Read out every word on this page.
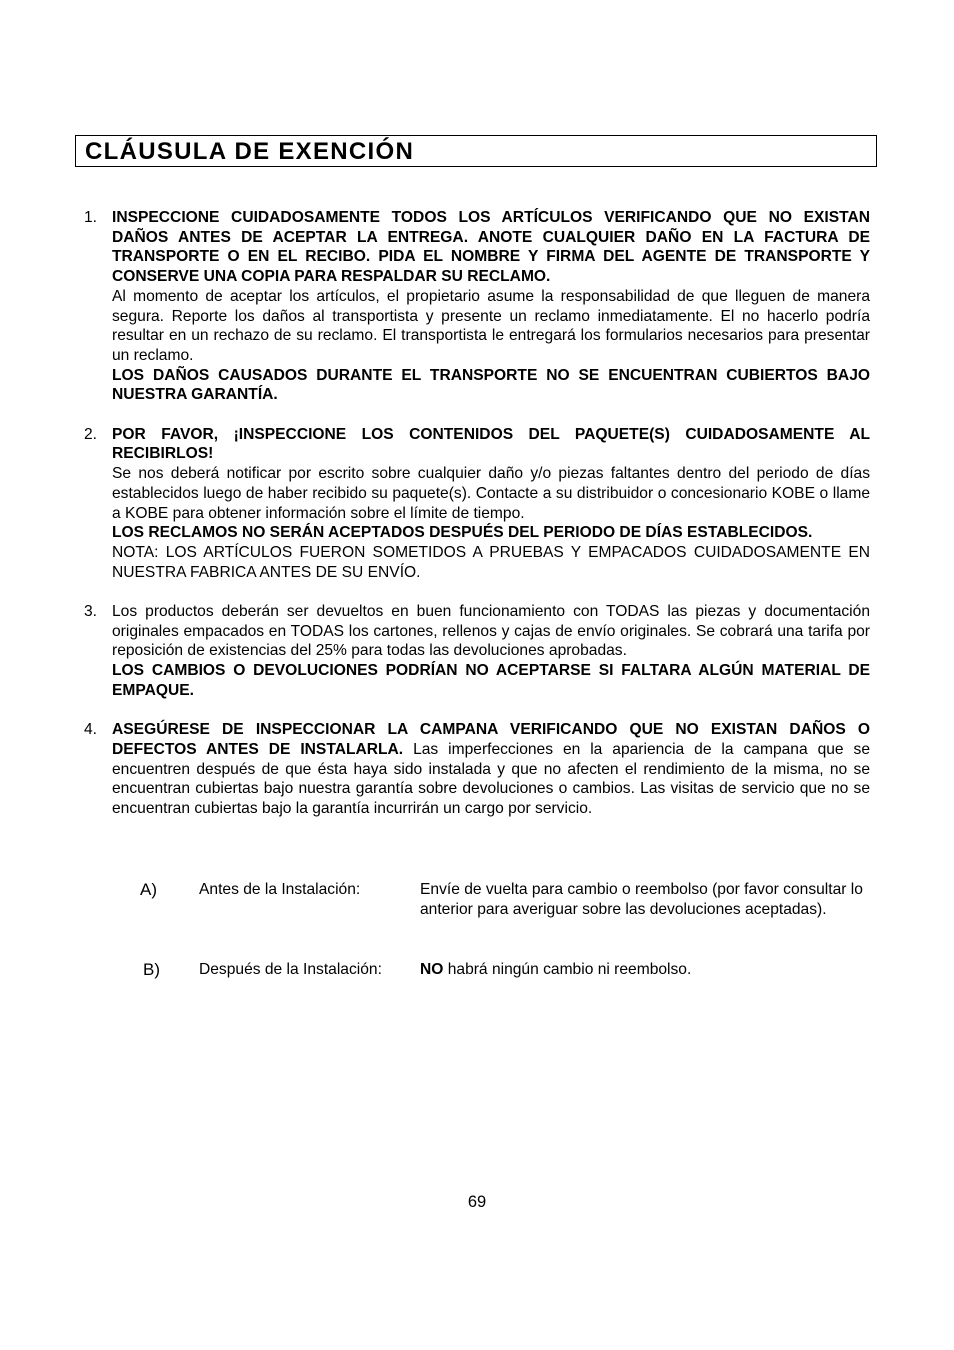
CLÁUSULA DE EXENCIÓN
1. INSPECCIONE CUIDADOSAMENTE TODOS LOS ARTÍCULOS VERIFICANDO QUE NO EXISTAN DAÑOS ANTES DE ACEPTAR LA ENTREGA. ANOTE CUALQUIER DAÑO EN LA FACTURA DE TRANSPORTE O EN EL RECIBO. PIDA EL NOMBRE Y FIRMA DEL AGENTE DE TRANSPORTE Y CONSERVE UNA COPIA PARA RESPALDAR SU RECLAMO.

Al momento de aceptar los artículos, el propietario asume la responsabilidad de que lleguen de manera segura. Reporte los daños al transportista y presente un reclamo inmediatamente. El no hacerlo podría resultar en un rechazo de su reclamo. El transportista le entregará los formularios necesarios para presentar un reclamo.

LOS DAÑOS CAUSADOS DURANTE EL TRANSPORTE NO SE ENCUENTRAN CUBIERTOS BAJO NUESTRA GARANTÍA.

2. POR FAVOR, ¡INSPECCIONE LOS CONTENIDOS DEL PAQUETE(S) CUIDADOSAMENTE AL RECIBIRLOS!

Se nos deberá notificar por escrito sobre cualquier daño y/o piezas faltantes dentro del periodo de días establecidos luego de haber recibido su paquete(s). Contacte a su distribuidor o concesionario KOBE o llame a KOBE para obtener información sobre el límite de tiempo.

LOS RECLAMOS NO SERÁN ACEPTADOS DESPUÉS DEL PERIODO DE DÍAS ESTABLECIDOS.

NOTA: LOS ARTÍCULOS FUERON SOMETIDOS A PRUEBAS Y EMPACADOS CUIDADOSAMENTE EN NUESTRA FABRICA ANTES DE SU ENVÍO.

3. Los productos deberán ser devueltos en buen funcionamiento con TODAS las piezas y documentación originales empacados en TODAS los cartones, rellenos y cajas de envío originales. Se cobrará una tarifa por reposición de existencias del 25% para todas las devoluciones aprobadas.

LOS CAMBIOS O DEVOLUCIONES PODRÍAN NO ACEPTARSE SI FALTARA ALGÚN MATERIAL DE EMPAQUE.

4. ASEGÚRESE DE INSPECCIONAR LA CAMPANA VERIFICANDO QUE NO EXISTAN DAÑOS O DEFECTOS ANTES DE INSTALARLA. Las imperfecciones en la apariencia de la campana que se encuentren después de que ésta haya sido instalada y que no afecten el rendimiento de la misma, no se encuentran cubiertas bajo nuestra garantía sobre devoluciones o cambios. Las visitas de servicio que no se encuentran cubiertas bajo la garantía incurrirán un cargo por servicio.

A)	Antes de la Instalación:	Envíe de vuelta para cambio o reembolso (por favor consultar lo anterior para averiguar sobre las devoluciones aceptadas).
B)	Después de la Instalación: NO habrá ningún cambio ni reembolso.
69
